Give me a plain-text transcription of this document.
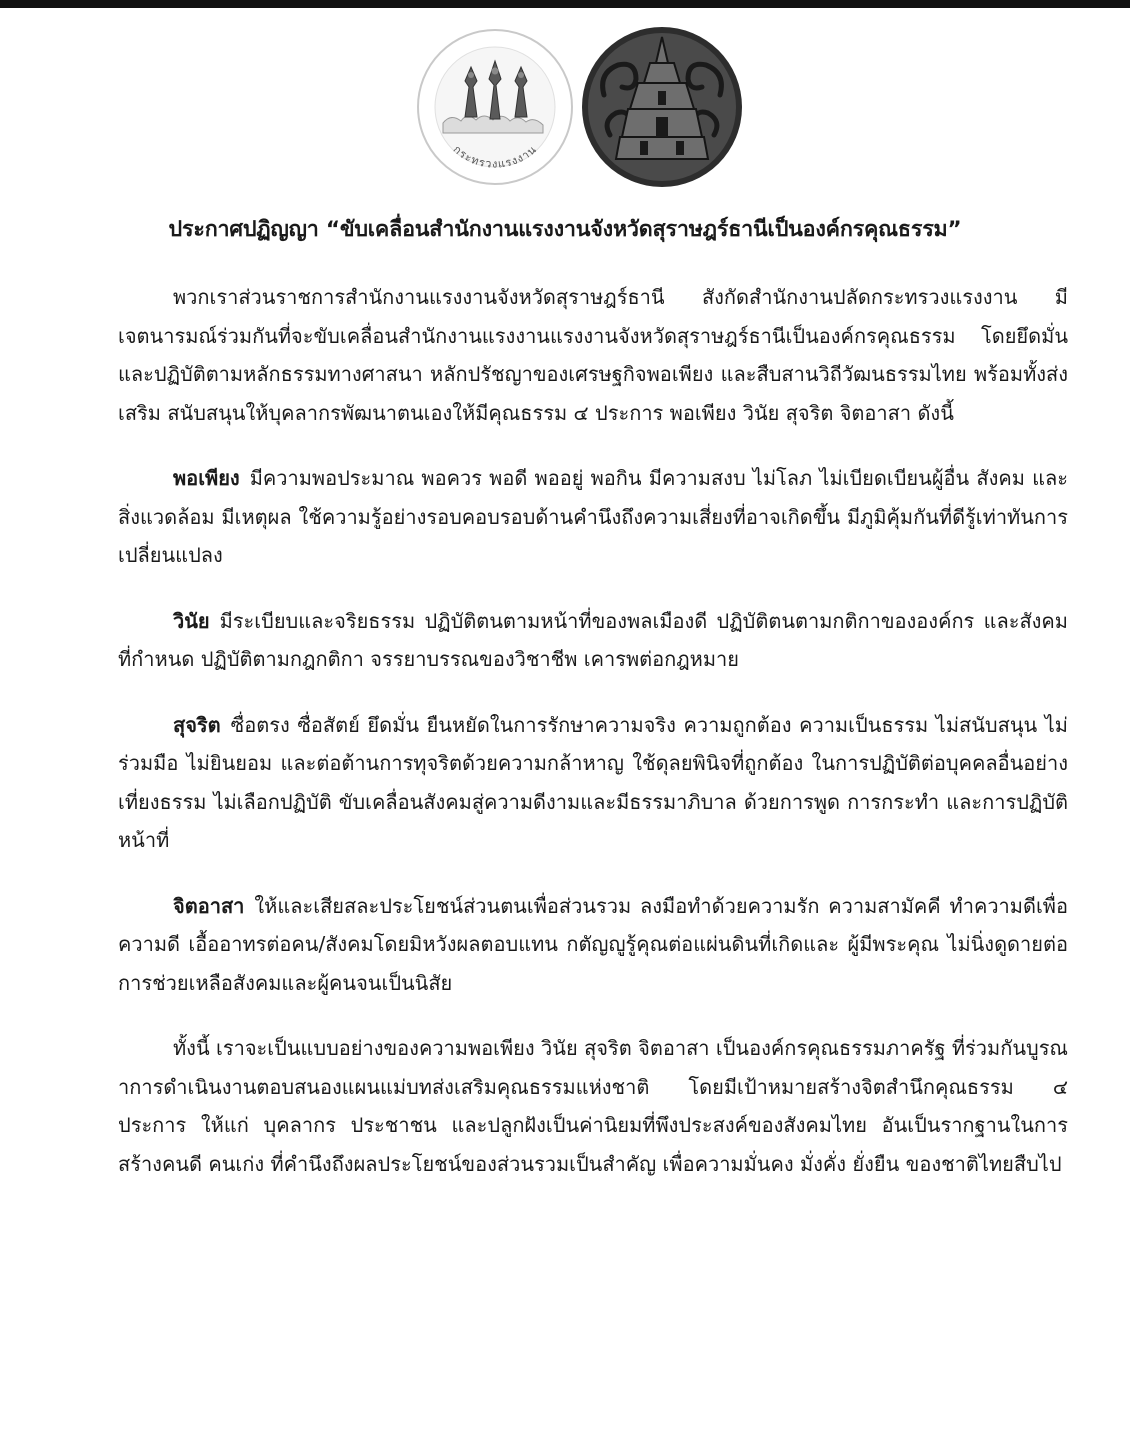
กระทรวงแรงงาน
ประกาศปฏิญญา “ขับเคลื่อนสำนักงานแรงงานจังหวัดสุราษฎร์ธานีเป็นองค์กรคุณธรรม”

พวกเราส่วนราชการสำนักงานแรงงานจังหวัดสุราษฎร์ธานี สังกัดสำนักงานปลัดกระทรวงแรงงาน มีเจตนารมณ์ร่วมกันที่จะขับเคลื่อนสำนักงานแรงงานแรงงานจังหวัดสุราษฎร์ธานีเป็นองค์กรคุณธรรม โดยยึดมั่นและปฏิบัติตามหลักธรรมทางศาสนา หลักปรัชญาของเศรษฐกิจพอเพียง และสืบสานวิถีวัฒนธรรมไทย พร้อมทั้งส่งเสริม สนับสนุนให้บุคลากรพัฒนาตนเองให้มีคุณธรรม ๔ ประการ พอเพียง วินัย สุจริต จิตอาสา ดังนี้

พอเพียง มีความพอประมาณ พอควร พอดี พออยู่ พอกิน มีความสงบ ไม่โลภ ไม่เบียดเบียนผู้อื่น สังคม และสิ่งแวดล้อม มีเหตุผล ใช้ความรู้อย่างรอบคอบรอบด้านคำนึงถึงความเสี่ยงที่อาจเกิดขึ้น มีภูมิคุ้มกันที่ดีรู้เท่าทันการเปลี่ยนแปลง

วินัย มีระเบียบและจริยธรรม ปฏิบัติตนตามหน้าที่ของพลเมืองดี ปฏิบัติตนตามกติกาขององค์กร และสังคมที่กำหนด ปฏิบัติตามกฎกติกา จรรยาบรรณของวิชาชีพ เคารพต่อกฎหมาย

สุจริต ซื่อตรง ซื่อสัตย์ ยึดมั่น ยืนหยัดในการรักษาความจริง ความถูกต้อง ความเป็นธรรม ไม่สนับสนุน ไม่ร่วมมือ ไม่ยินยอม และต่อต้านการทุจริตด้วยความกล้าหาญ ใช้ดุลยพินิจที่ถูกต้อง ในการปฏิบัติต่อบุคคลอื่นอย่างเที่ยงธรรม ไม่เลือกปฏิบัติ ขับเคลื่อนสังคมสู่ความดีงามและมีธรรมาภิบาล ด้วยการพูด การกระทำ และการปฏิบัติหน้าที่

จิตอาสา ให้และเสียสละประโยชน์ส่วนตนเพื่อส่วนรวม ลงมือทำด้วยความรัก ความสามัคคี ทำความดีเพื่อความดี เอื้ออาทรต่อคน/สังคมโดยมิหวังผลตอบแทน กตัญญูรู้คุณต่อแผ่นดินที่เกิดและ ผู้มีพระคุณ ไม่นิ่งดูดายต่อการช่วยเหลือสังคมและผู้คนจนเป็นนิสัย

ทั้งนี้ เราจะเป็นแบบอย่างของความพอเพียง วินัย สุจริต จิตอาสา เป็นองค์กรคุณธรรมภาครัฐ ที่ร่วมกันบูรณาการดำเนินงานตอบสนองแผนแม่บทส่งเสริมคุณธรรมแห่งชาติ โดยมีเป้าหมายสร้างจิตสำนึกคุณธรรม ๔ ประการ ให้แก่ บุคลากร ประชาชน และปลูกฝังเป็นค่านิยมที่พึงประสงค์ของสังคมไทย อันเป็นรากฐานในการสร้างคนดี คนเก่ง ที่คำนึงถึงผลประโยชน์ของส่วนรวมเป็นสำคัญ เพื่อความมั่นคง มั่งคั่ง ยั่งยืน ของชาติไทยสืบไป
